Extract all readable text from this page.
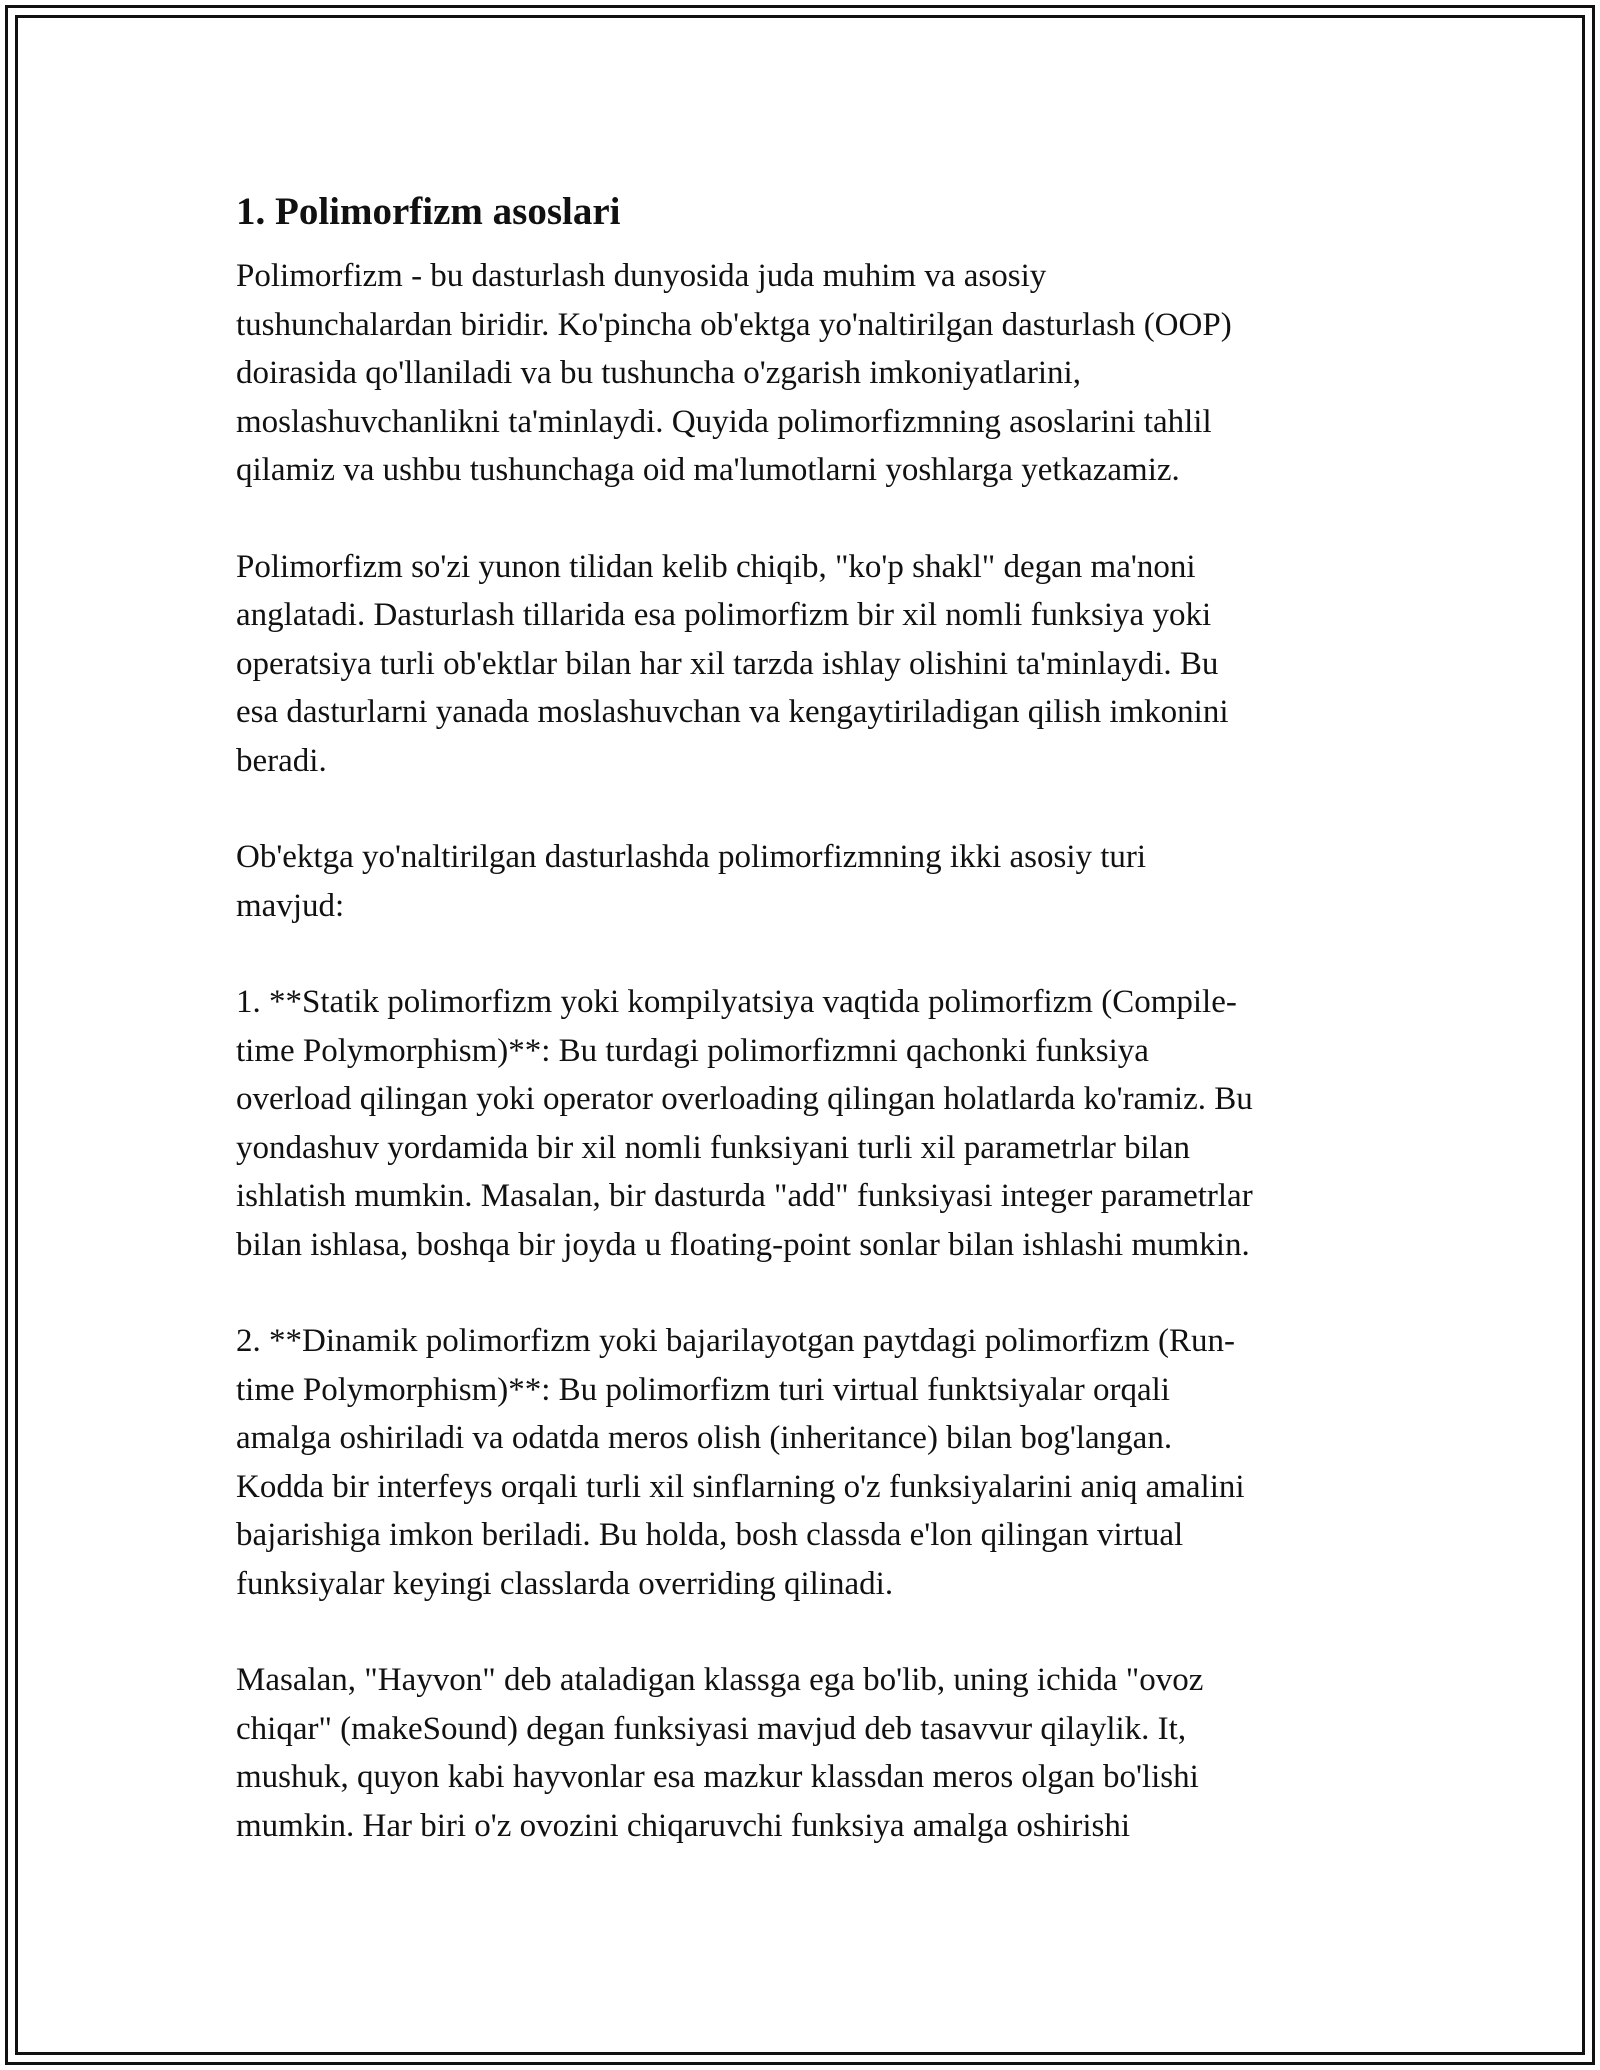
1. Polimorfizm asoslari

Polimorfizm - bu dasturlash dunyosida juda muhim va asosiy
tushunchalardan biridir. Ko'pincha ob'ektga yo'naltirilgan dasturlash (OOP)
doirasida qo'llaniladi va bu tushuncha o'zgarish imkoniyatlarini,
moslashuvchanlikni ta'minlaydi. Quyida polimorfizmning asoslarini tahlil
qilamiz va ushbu tushunchaga oid ma'lumotlarni yoshlarga yetkazamiz.

Polimorfizm so'zi yunon tilidan kelib chiqib, "ko'p shakl" degan ma'noni
anglatadi. Dasturlash tillarida esa polimorfizm bir xil nomli funksiya yoki
operatsiya turli ob'ektlar bilan har xil tarzda ishlay olishini ta'minlaydi. Bu
esa dasturlarni yanada moslashuvchan va kengaytiriladigan qilish imkonini
beradi.

Ob'ektga yo'naltirilgan dasturlashda polimorfizmning ikki asosiy turi
mavjud:

1. **Statik polimorfizm yoki kompilyatsiya vaqtida polimorfizm (Compile-
time Polymorphism)**: Bu turdagi polimorfizmni qachonki funksiya
overload qilingan yoki operator overloading qilingan holatlarda ko'ramiz. Bu
yondashuv yordamida bir xil nomli funksiyani turli xil parametrlar bilan
ishlatish mumkin. Masalan, bir dasturda "add" funksiyasi integer parametrlar
bilan ishlasa, boshqa bir joyda u floating-point sonlar bilan ishlashi mumkin.

2. **Dinamik polimorfizm yoki bajarilayotgan paytdagi polimorfizm (Run-
time Polymorphism)**: Bu polimorfizm turi virtual funktsiyalar orqali
amalga oshiriladi va odatda meros olish (inheritance) bilan bog'langan.
Kodda bir interfeys orqali turli xil sinflarning o'z funksiyalarini aniq amalini
bajarishiga imkon beriladi. Bu holda, bosh classda e'lon qilingan virtual
funksiyalar keyingi classlarda overriding qilinadi.

Masalan, "Hayvon" deb ataladigan klassga ega bo'lib, uning ichida "ovoz
chiqar" (makeSound) degan funksiyasi mavjud deb tasavvur qilaylik. It,
mushuk, quyon kabi hayvonlar esa mazkur klassdan meros olgan bo'lishi
mumkin. Har biri o'z ovozini chiqaruvchi funksiya amalga oshirishi
